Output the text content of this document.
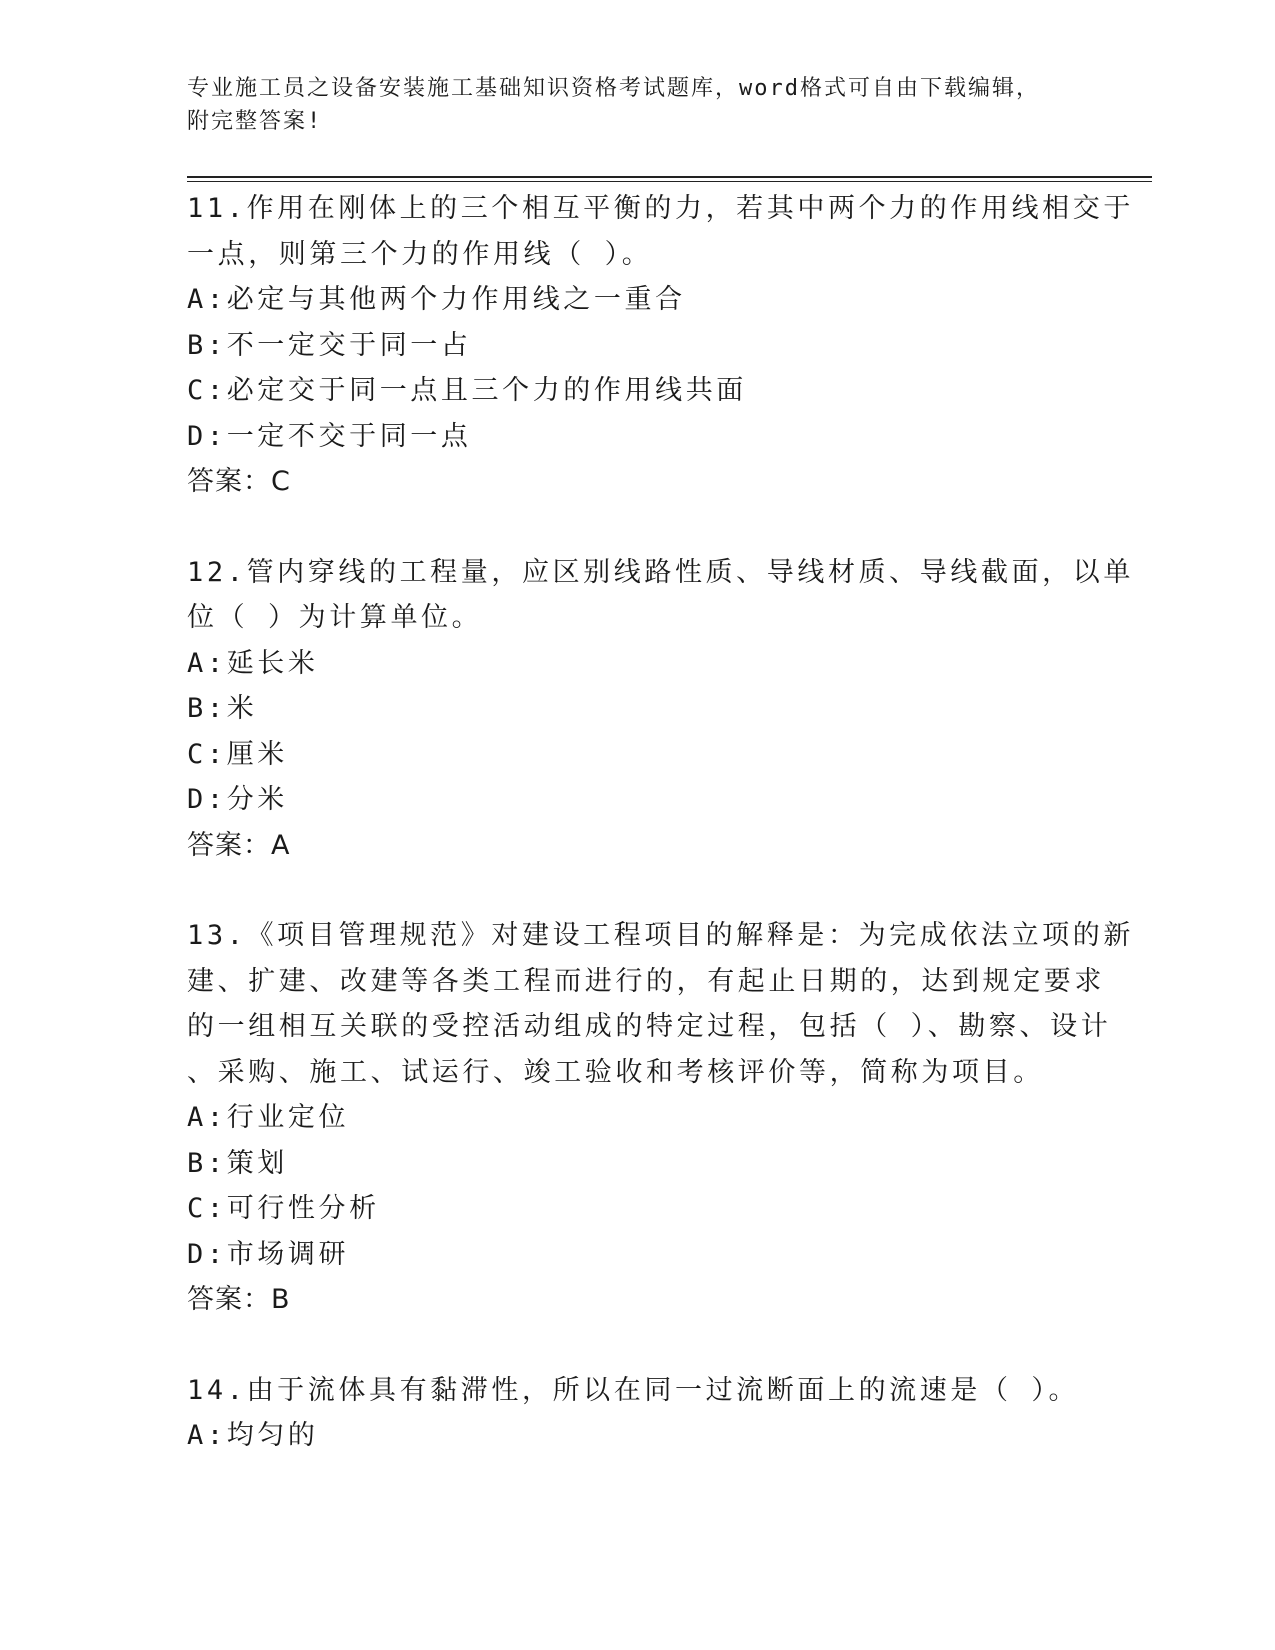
专业施工员之设备安装施工基础知识资格考试题库，word格式可自由下载编辑，
附完整答案!
11.作用在刚体上的三个相互平衡的力，若其中两个力的作用线相交于
一点，则第三个力的作用线（ ）。
A:必定与其他两个力作用线之一重合
B:不一定交于同一占
C:必定交于同一点且三个力的作用线共面
D:一定不交于同一点
答案：C
12.管内穿线的工程量，应区别线路性质、导线材质、导线截面，以单
位（ ）为计算单位。
A:延长米
B:米
C:厘米
D:分米
答案：A
13.《项目管理规范》对建设工程项目的解释是：为完成依法立项的新
建、扩建、改建等各类工程而进行的，有起止日期的，达到规定要求
的一组相互关联的受控活动组成的特定过程，包括（ ）、勘察、设计
、采购、施工、试运行、竣工验收和考核评价等，简称为项目。
A:行业定位
B:策划
C:可行性分析
D:市场调研
答案：B
14.由于流体具有黏滞性，所以在同一过流断面上的流速是（ ）。
A:均匀的
